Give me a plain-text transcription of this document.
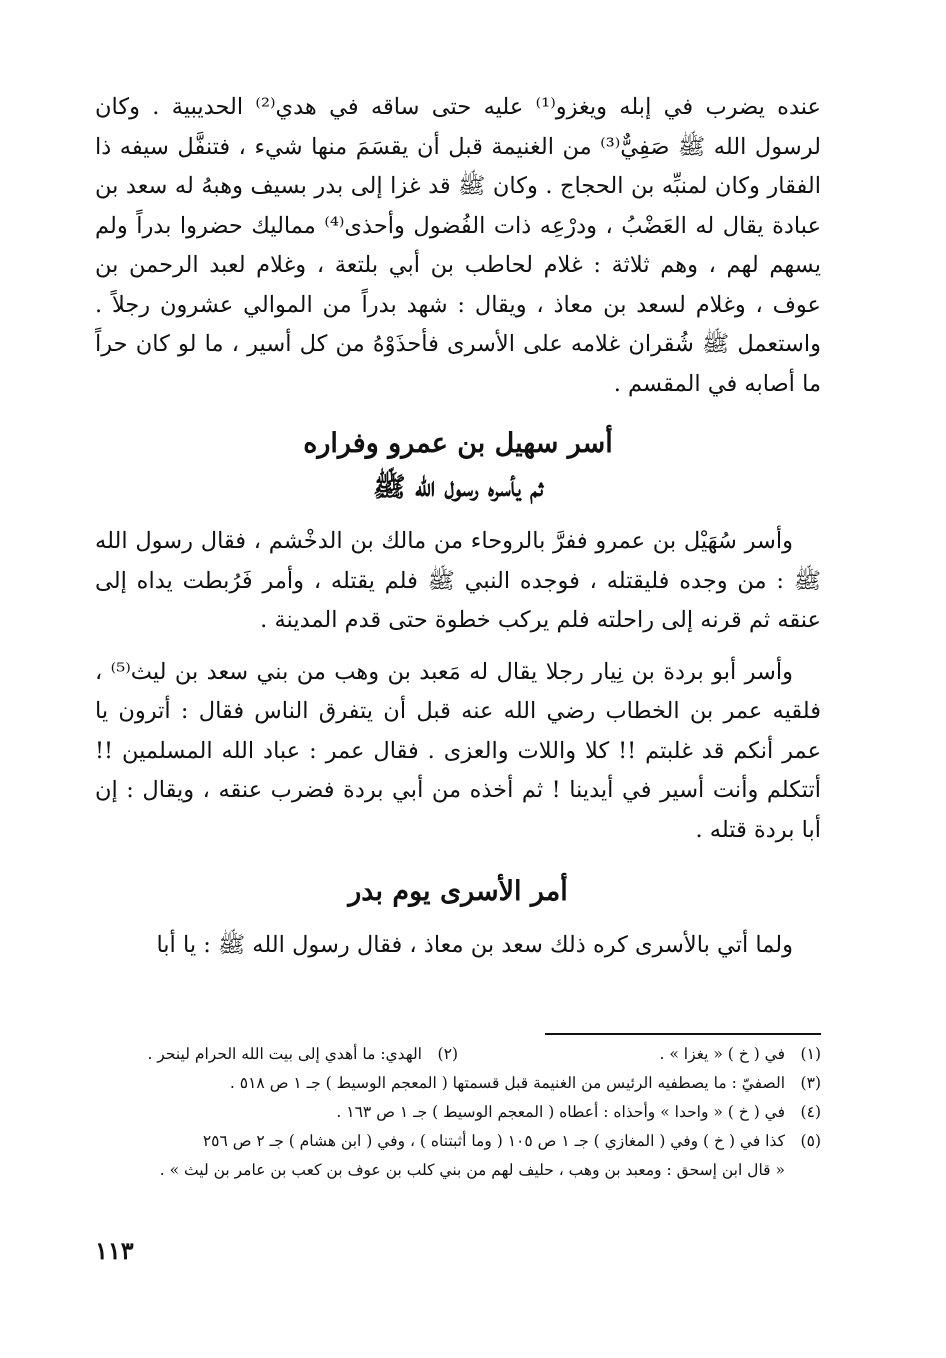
عنده يضرب في إبله ويغزو⁽¹⁾ عليه حتى ساقه في هدي⁽²⁾ الحديبية . وكان لرسول الله ﷺ صَفِيٌّ⁽³⁾ من الغنيمة قبل أن يقسَمَ منها شيء ، فتنفَّل سيفه ذا الفقار وكان لمنبِّه بن الحجاج . وكان ﷺ قد غزا إلى بدر بسيف وهبهُ له سعد بن عبادة يقال له العَضْبُ ، ودرْعِه ذات الفُضول وأحذى⁽⁴⁾ مماليك حضروا بدراً ولم يسهم لهم ، وهم ثلاثة : غلام لحاطب بن أبي بلتعة ، وغلام لعبد الرحمن بن عوف ، وغلام لسعد بن معاذ ، ويقال : شهد بدراً من الموالي عشرون رجلاً . واستعمل ﷺ شُقران غلامه على الأسرى فأحذَوْهُ من كل أسير ، ما لو كان حراً ما أصابه في المقسم .

أسر سهيل بن عمرو وفراره

ثم يأسره رسول الله ﷺ

وأسر سُهَيْل بن عمرو ففرَّ بالروحاء من مالك بن الدخْشم ، فقال رسول الله ﷺ : من وجده فليقتله ، فوجده النبي ﷺ فلم يقتله ، وأمر فَرُبطت يداه إلى عنقه ثم قرنه إلى راحلته فلم يركب خطوة حتى قدم المدينة .

وأسر أبو بردة بن نِيار رجلا يقال له مَعبد بن وهب من بني سعد بن ليث⁽⁵⁾ ، فلقيه عمر بن الخطاب رضي الله عنه قبل أن يتفرق الناس فقال : أترون يا عمر أنكم قد غلبتم !! كلا واللات والعزى . فقال عمر : عباد الله المسلمين !! أتتكلم وأنت أسير في أيدينا ! ثم أخذه من أبي بردة فضرب عنقه ، ويقال : إن أبا بردة قتله .

أمر الأسرى يوم بدر

ولما أتي بالأسرى كره ذلك سعد بن معاذ ، فقال رسول الله ﷺ : يا أبا

(١)في ( خ ) « يغزا » .
(٢)الهدي: ما أهدي إلى بيت الله الحرام لينحر .
(٣)الصفيّ : ما يصطفيه الرئيس من الغنيمة قبل قسمتها ( المعجم الوسيط ) جـ ١ ص ٥١٨ .
(٤)في ( خ ) « واحدا » وأحذاه : أعطاه ( المعجم الوسيط ) جـ ١ ص ١٦٣ .
(٥)كذا في ( خ ) وفي ( المغازي ) جـ ١ ص ١٠٥ ( وما أثبتناه ) ، وفي ( ابن هشام ) جـ ٢ ص ٢٥٦
« قال ابن إسحق : ومعبد بن وهب ، حليف لهم من بني كلب بن عوف بن كعب بن عامر بن ليث » .
١١٣
